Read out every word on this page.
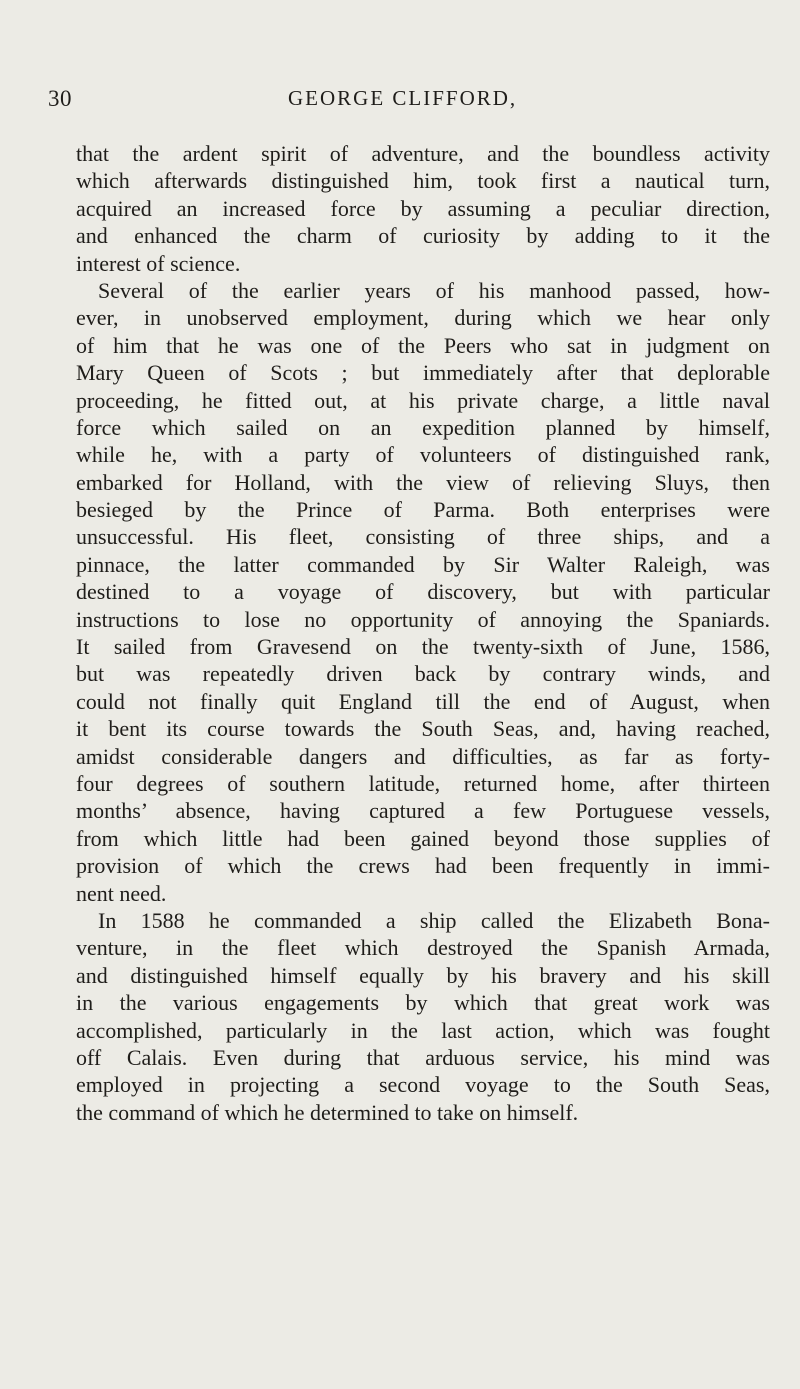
30	GEORGE CLIFFORD,
that the ardent spirit of adventure, and the boundless activity
which afterwards distinguished him, took first a nautical turn,
acquired an increased force by assuming a peculiar direction,
and enhanced the charm of curiosity by adding to it the
interest of science.
Several of the earlier years of his manhood passed, how-
ever, in unobserved employment, during which we hear only
of him that he was one of the Peers who sat in judgment on
Mary Queen of Scots ; but immediately after that deplorable
proceeding, he fitted out, at his private charge, a little naval
force which sailed on an expedition planned by himself,
while he, with a party of volunteers of distinguished rank,
embarked for Holland, with the view of relieving Sluys, then
besieged by the Prince of Parma. Both enterprises were
unsuccessful. His fleet, consisting of three ships, and a
pinnace, the latter commanded by Sir Walter Raleigh, was
destined to a voyage of discovery, but with particular
instructions to lose no opportunity of annoying the Spaniards.
It sailed from Gravesend on the twenty-sixth of June, 1586,
but was repeatedly driven back by contrary winds, and
could not finally quit England till the end of August, when
it bent its course towards the South Seas, and, having reached,
amidst considerable dangers and difficulties, as far as forty-
four degrees of southern latitude, returned home, after thirteen
months’ absence, having captured a few Portuguese vessels,
from which little had been gained beyond those supplies of
provision of which the crews had been frequently in immi-
nent need.
In 1588 he commanded a ship called the Elizabeth Bona-
venture, in the fleet which destroyed the Spanish Armada,
and distinguished himself equally by his bravery and his skill
in the various engagements by which that great work was
accomplished, particularly in the last action, which was fought
off Calais. Even during that arduous service, his mind was
employed in projecting a second voyage to the South Seas,
the command of which he determined to take on himself.
